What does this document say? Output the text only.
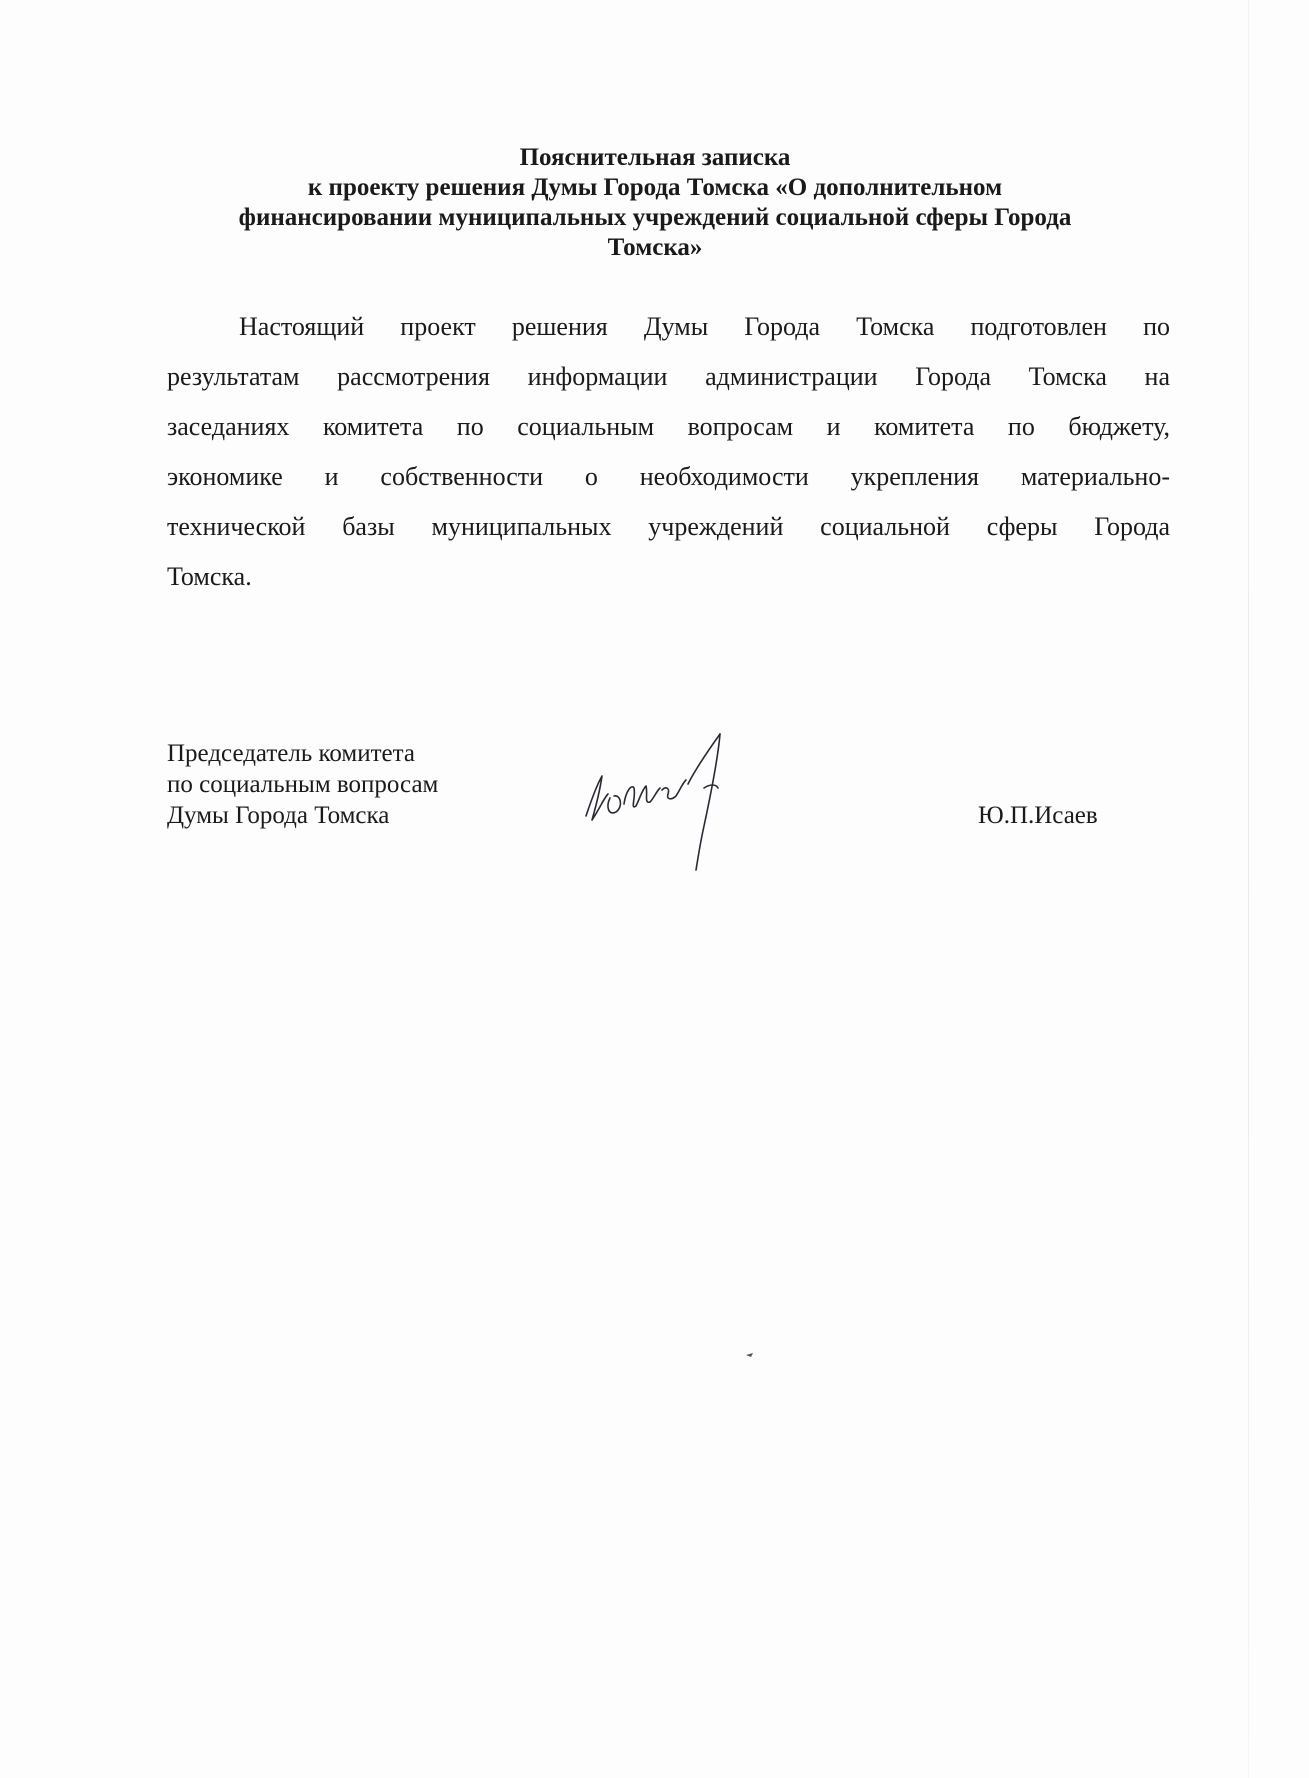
Пояснительная записка
к проекту решения Думы Города Томска «О дополнительном
финансировании муниципальных учреждений социальной сферы Города
Томска»
Настоящий проект решения Думы Города Томска подготовлен по
результатам рассмотрения информации администрации Города Томска на
заседаниях комитета по социальным вопросам и комитета по бюджету,
экономике и собственности о необходимости укрепления материально-
технической базы муниципальных учреждений социальной сферы Города
Томска.
Председатель комитета
по социальным вопросам
Думы Города Томска	Ю.П.Исаев
